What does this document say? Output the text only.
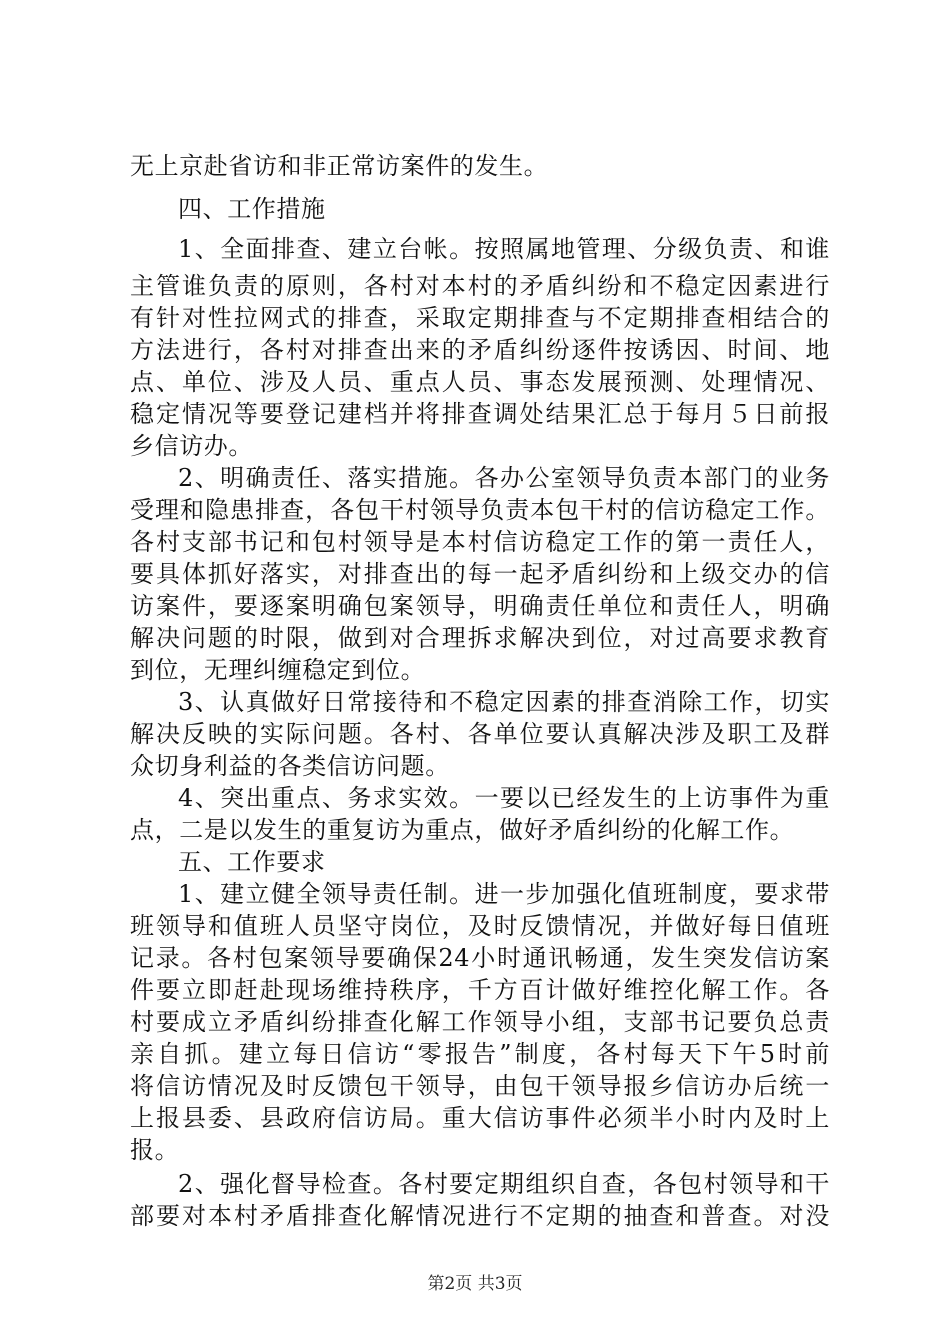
无上京赴省访和非正常访案件的发生。
四、工作措施
1、全面排查、建立台帐。按照属地管理、分级负责、和谁
主管谁负责的原则，各村对本村的矛盾纠纷和不稳定因素进行
有针对性拉网式的排查，采取定期排查与不定期排查相结合的
方法进行，各村对排查出来的矛盾纠纷逐件按诱因、时间、地
点、单位、涉及人员、重点人员、事态发展预测、处理情况、
稳定情况等要登记建档并将排查调处结果汇总于每月５日前报
乡信访办。
2、明确责任、落实措施。各办公室领导负责本部门的业务
受理和隐患排查，各包干村领导负责本包干村的信访稳定工作。
各村支部书记和包村领导是本村信访稳定工作的第一责任人，
要具体抓好落实，对排查出的每一起矛盾纠纷和上级交办的信
访案件，要逐案明确包案领导，明确责任单位和责任人，明确
解决问题的时限，做到对合理拆求解决到位，对过高要求教育
到位，无理纠缠稳定到位。
3、认真做好日常接待和不稳定因素的排查消除工作，切实
解决反映的实际问题。各村、各单位要认真解决涉及职工及群
众切身利益的各类信访问题。
4、突出重点、务求实效。一要以已经发生的上访事件为重
点，二是以发生的重复访为重点，做好矛盾纠纷的化解工作。
五、工作要求
1、建立健全领导责任制。进一步加强化值班制度，要求带
班领导和值班人员坚守岗位，及时反馈情况，并做好每日值班
记录。各村包案领导要确保24小时通讯畅通，发生突发信访案
件要立即赶赴现场维持秩序，千方百计做好维控化解工作。各
村要成立矛盾纠纷排查化解工作领导小组，支部书记要负总责
亲自抓。建立每日信访“零报告”制度，各村每天下午5时前
将信访情况及时反馈包干领导，由包干领导报乡信访办后统一
上报县委、县政府信访局。重大信访事件必须半小时内及时上
报。
2、强化督导检查。各村要定期组织自查，各包村领导和干
部要对本村矛盾排查化解情况进行不定期的抽查和普查。对没
第2页 共3页
